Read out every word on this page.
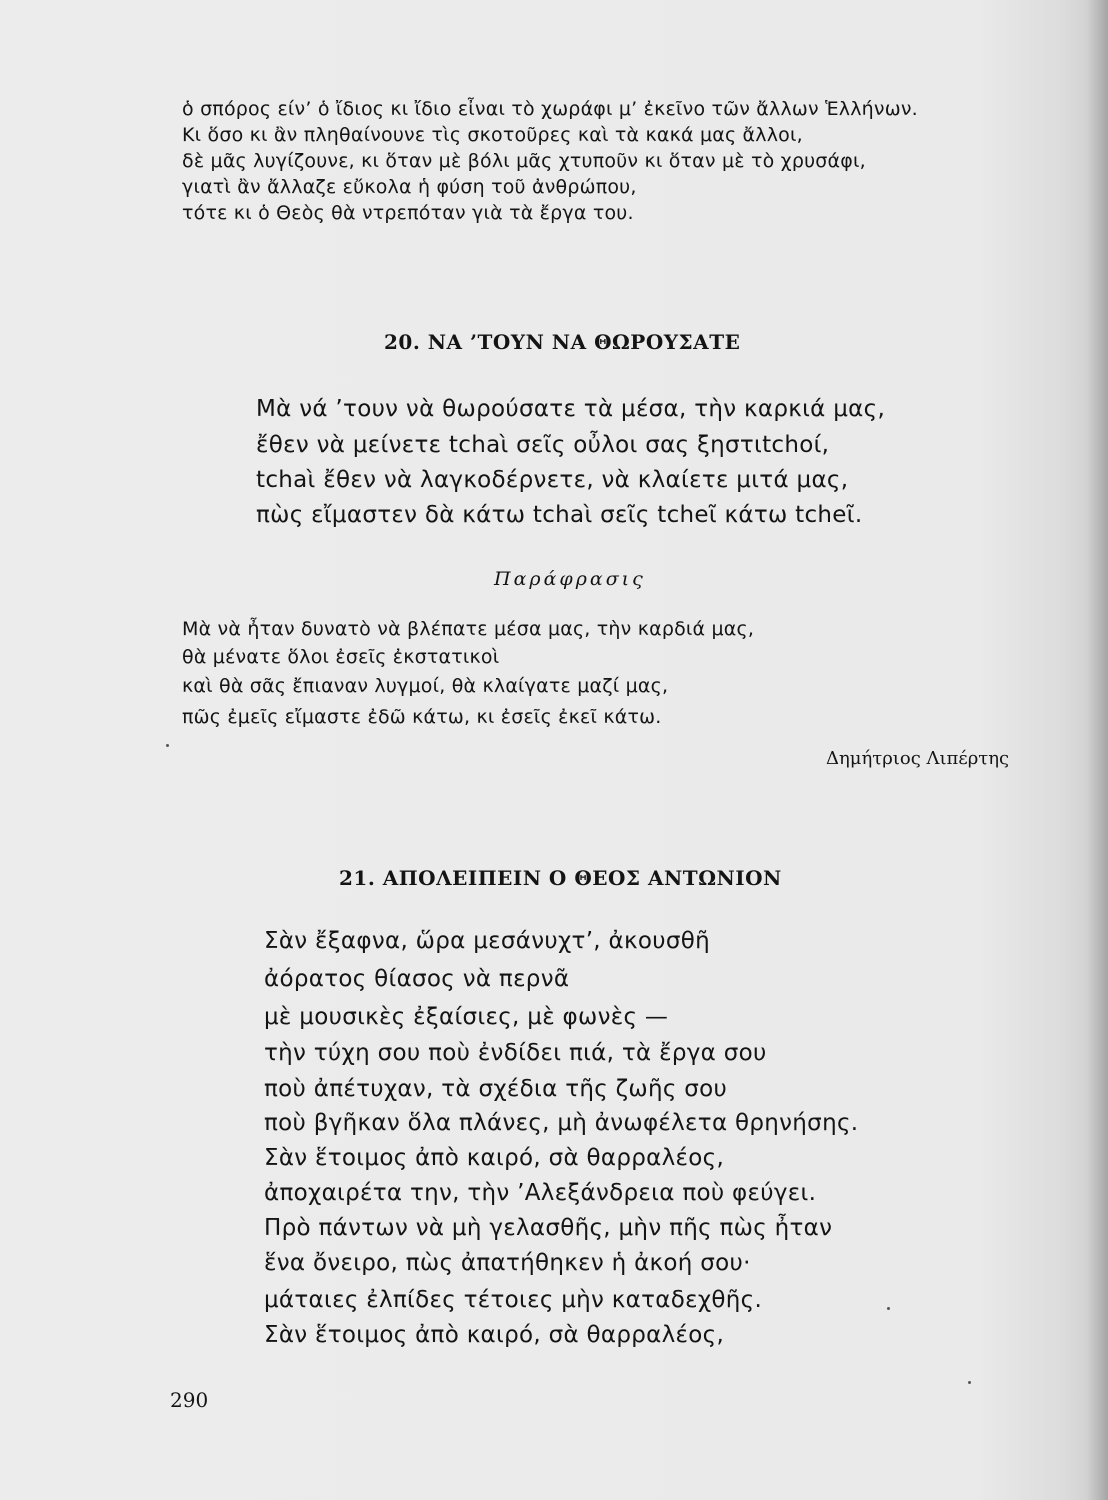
ὁ σπόρος είν’ ὁ ἴδιος κι ἴδιο εἶναι τὸ χωράφι μ’ ἐκεῖνο τῶν ἄλλων Ἑλλήνων.
Κι ὅσο κι ἂν πληθαίνουνε τὶς σκοτοῦρες καὶ τὰ κακά μας ἄλλοι,
δὲ μᾶς λυγίζουνε, κι ὅταν μὲ βόλι μᾶς χτυποῦν κι ὅταν μὲ τὸ χρυσάφι,
γιατὶ ἂν ἄλλαζε εὔκολα ἡ φύση τοῦ ἀνθρώπου,
τότε κι ὁ Θεὸς θὰ ντρεπόταν γιὰ τὰ ἔργα του.
20. ΝΑ ’ΤΟΥΝ ΝΑ ΘΩΡΟΥΣΑΤΕ
Μὰ νά ’τουν νὰ θωρούσατε τὰ μέσα, τὴν καρκιά μας,
ἔθεν νὰ μείνετε tchaὶ σεῖς οὖλοι σας ξηστιtchoί,
tchaὶ ἔθεν νὰ λαγκοδέρνετε, νὰ κλαίετε μιτά μας,
πὼς εἴμαστεν δὰ κάτω tchaὶ σεῖς tcheῖ κάτω tcheῖ.
Παράφρασις
Μὰ νὰ ἦταν δυνατὸ νὰ βλέπατε μέσα μας, τὴν καρδιά μας,
θὰ μένατε ὅλοι ἐσεῖς ἐκστατικοὶ
καὶ θὰ σᾶς ἔπιαναν λυγμοί, θὰ κλαίγατε μαζί μας,
πῶς ἐμεῖς εἴμαστε ἐδῶ κάτω, κι ἐσεῖς ἐκεῖ κάτω.
Δημήτριος Λιπέρτης
21. ΑΠΟΛΕΙΠΕΙΝ Ο ΘΕΟΣ ΑΝΤΩΝΙΟΝ
Σὰν ἔξαφνα, ὥρα μεσάνυχτ’, ἀκουσθῆ
ἀόρατος θίασος νὰ περνᾶ
μὲ μουσικὲς ἐξαίσιες, μὲ φωνὲς —
τὴν τύχη σου ποὺ ἐνδίδει πιά, τὰ ἔργα σου
ποὺ ἀπέτυχαν, τὰ σχέδια τῆς ζωῆς σου
ποὺ βγῆκαν ὅλα πλάνες, μὴ ἀνωφέλετα θρηνήσης.
Σὰν ἕτοιμος ἀπὸ καιρό, σὰ θαρραλέος,
ἀποχαιρέτα την, τὴν ’Αλεξάνδρεια ποὺ φεύγει.
Πρὸ πάντων νὰ μὴ γελασθῆς, μὴν πῆς πὼς ἦταν
ἕνα ὄνειρο, πὼς ἀπατήθηκεν ἡ ἀκοή σου·
μάταιες ἐλπίδες τέτοιες μὴν καταδεχθῆς.
Σὰν ἕτοιμος ἀπὸ καιρό, σὰ θαρραλέος,
290
